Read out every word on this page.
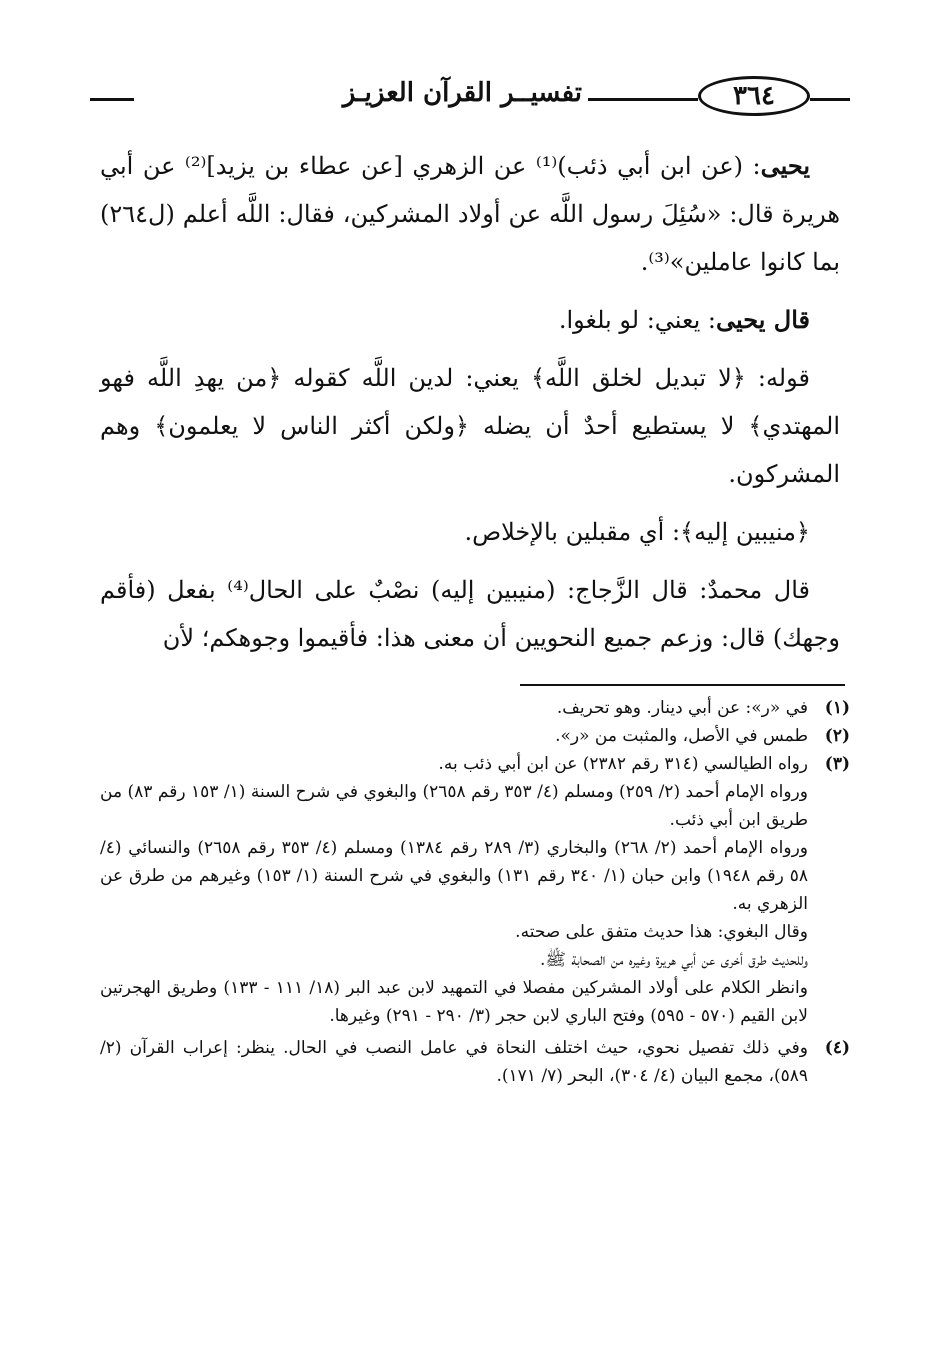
٣٦٤
تفسيــر القرآن العزيـز

يحيى: (عن ابن أبي ذئب)⁽¹⁾ عن الزهري [عن عطاء بن يزيد]⁽²⁾ عن أبي هريرة قال: «سُئِلَ رسول اللَّه عن أولاد المشركين، فقال: اللَّه أعلم (ل٢٦٤) بما كانوا عاملين»⁽³⁾.

قال يحيى: يعني: لو بلغوا.

قوله: ﴿لا تبديل لخلق اللَّه﴾ يعني: لدين اللَّه كقوله ﴿من يهدِ اللَّه فهو المهتدي﴾ لا يستطيع أحدٌ أن يضله ﴿ولكن أكثر الناس لا يعلمون﴾ وهم المشركون.

﴿منيبين إليه﴾: أي مقبلين بالإخلاص.

قال محمدٌ: قال الزَّجاج: (منيبين إليه) نصْبٌ على الحال⁽⁴⁾ بفعل (فأقم وجهك) قال: وزعم جميع النحويين أن معنى هذا: فأقيموا وجوهكم؛ لأن

(١)

في «ر»: عن أبي دينار. وهو تحريف.

(٢)

طمس في الأصل، والمثبت من «ر».

(٣)

رواه الطيالسي (٣١٤ رقم ٢٣٨٢) عن ابن أبي ذئب به.

ورواه الإمام أحمد (٢/ ٢٥٩) ومسلم (٤/ ٣٥٣ رقم ٢٦٥٨) والبغوي في شرح السنة (١/ ١٥٣ رقم ٨٣) من طريق ابن أبي ذئب.

ورواه الإمام أحمد (٢/ ٢٦٨) والبخاري (٣/ ٢٨٩ رقم ١٣٨٤) ومسلم (٤/ ٣٥٣ رقم ٢٦٥٨) والنسائي (٤/ ٥٨ رقم ١٩٤٨) وابن حبان (١/ ٣٤٠ رقم ١٣١) والبغوي في شرح السنة (١/ ١٥٣) وغيرهم من طرق عن الزهري به.

وقال البغوي: هذا حديث متفق على صحته.

وللحديث طرق أخرى عن أبي هريرة وغيره من الصحابة ﷺ.

وانظر الكلام على أولاد المشركين مفصلا في التمهيد لابن عبد البر (١٨/ ١١١ - ١٣٣) وطريق الهجرتين لابن القيم (٥٧٠ - ٥٩٥) وفتح الباري لابن حجر (٣/ ٢٩٠ - ٢٩١) وغيرها.

(٤)

وفي ذلك تفصيل نحوي، حيث اختلف النحاة في عامل النصب في الحال. ينظر: إعراب القرآن (٢/ ٥٨٩)، مجمع البيان (٤/ ٣٠٤)، البحر (٧/ ١٧١).
